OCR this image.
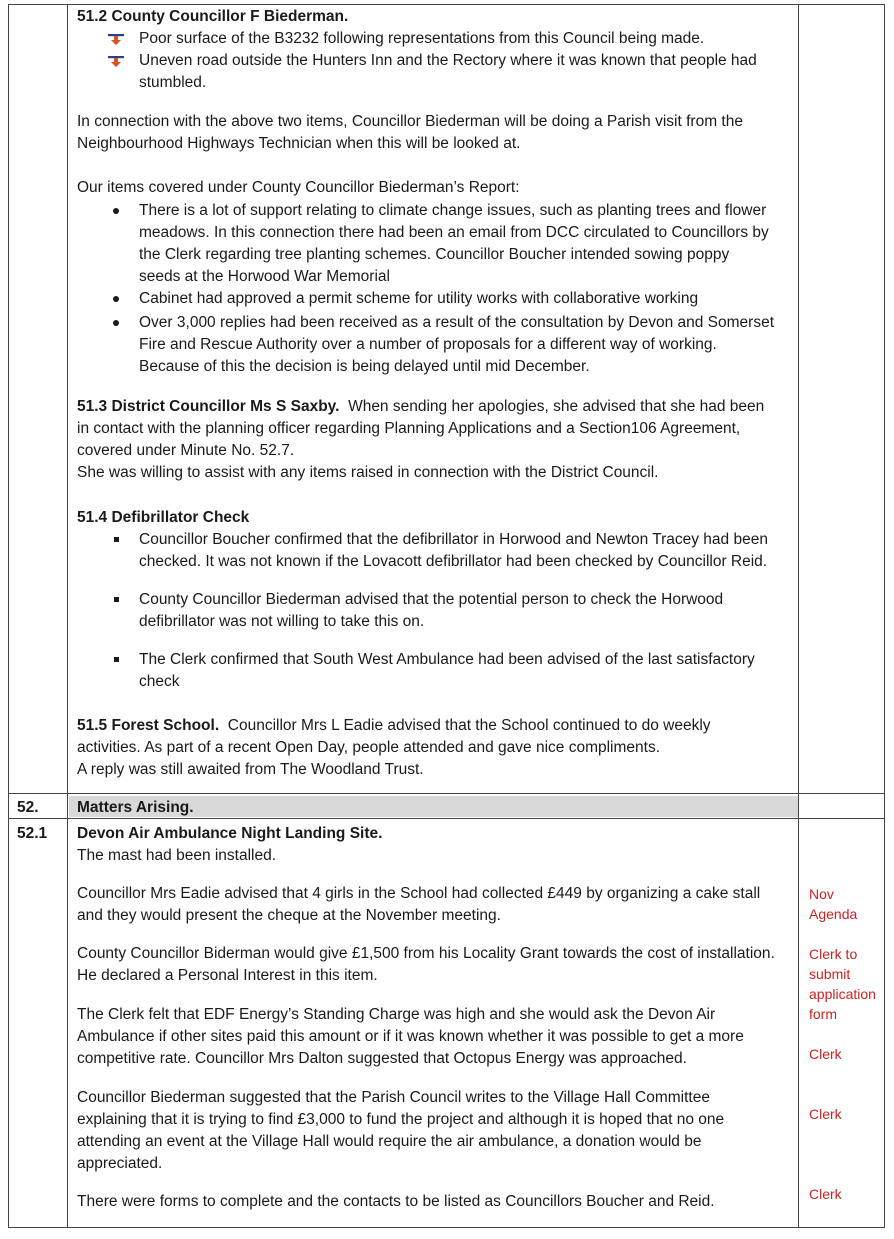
51.2 County Councillor F Biederman.
Poor surface of the B3232 following representations from this Council being made.
Uneven road outside the Hunters Inn and the Rectory where it was known that people had
stumbled.
In connection with the above two items, Councillor Biederman will be doing a Parish visit from the
Neighbourhood Highways Technician when this will be looked at.
Our items covered under County Councillor Biederman’s Report:
There is a lot of support relating to climate change issues, such as planting trees and flower
meadows. In this connection there had been an email from DCC circulated to Councillors by
the Clerk regarding tree planting schemes. Councillor Boucher intended sowing poppy
seeds at the Horwood War Memorial
Cabinet had approved a permit scheme for utility works with collaborative working
Over 3,000 replies had been received as a result of the consultation by Devon and Somerset
Fire and Rescue Authority over a number of proposals for a different way of working.
Because of this the decision is being delayed until mid December.
51.3 District Councillor Ms S Saxby. When sending her apologies, she advised that she had been
in contact with the planning officer regarding Planning Applications and a Section106 Agreement,
covered under Minute No. 52.7.
She was willing to assist with any items raised in connection with the District Council.
51.4 Defibrillator Check
Councillor Boucher confirmed that the defibrillator in Horwood and Newton Tracey had been
checked. It was not known if the Lovacott defibrillator had been checked by Councillor Reid.
County Councillor Biederman advised that the potential person to check the Horwood
defibrillator was not willing to take this on.
The Clerk confirmed that South West Ambulance had been advised of the last satisfactory
check
51.5 Forest School. Councillor Mrs L Eadie advised that the School continued to do weekly
activities. As part of a recent Open Day, people attended and gave nice compliments.
A reply was still awaited from The Woodland Trust.
52. Matters Arising.
52.1 Devon Air Ambulance Night Landing Site.
The mast had been installed.
Councillor Mrs Eadie advised that 4 girls in the School had collected £449 by organizing a cake stall
and they would present the cheque at the November meeting.
County Councillor Biderman would give £1,500 from his Locality Grant towards the cost of installation.
He declared a Personal Interest in this item.
The Clerk felt that EDF Energy’s Standing Charge was high and she would ask the Devon Air
Ambulance if other sites paid this amount or if it was known whether it was possible to get a more
competitive rate. Councillor Mrs Dalton suggested that Octopus Energy was approached.
Councillor Biederman suggested that the Parish Council writes to the Village Hall Committee
explaining that it is trying to find £3,000 to fund the project and although it is hoped that no one
attending an event at the Village Hall would require the air ambulance, a donation would be
appreciated.
There were forms to complete and the contacts to be listed as Councillors Boucher and Reid.
Nov
Agenda
Clerk to
submit
application
form
Clerk
Clerk
Clerk
